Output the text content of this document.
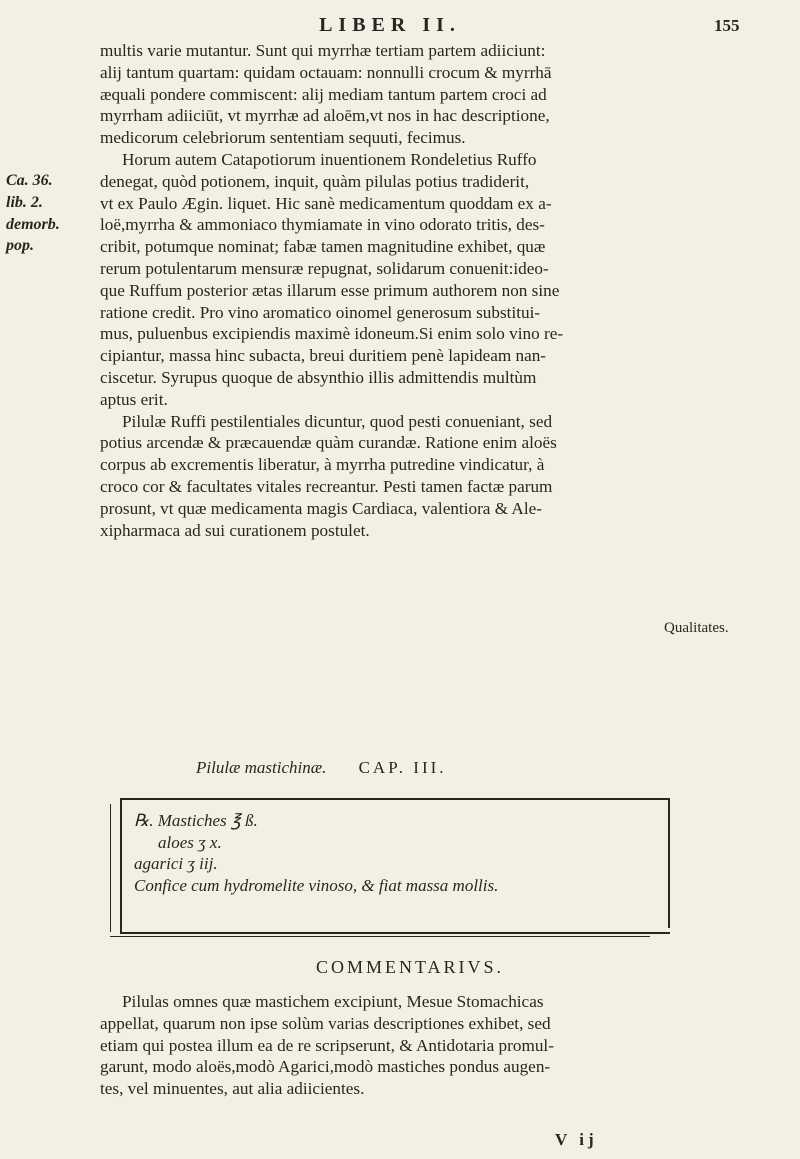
LIBER II.	155
Ca. 36.
lib. 2.
demorb.
pop.
Qualitates.

multis varie mutantur. Sunt qui myrrhæ tertiam partem adiiciunt:

alij tantum quartam: quidam octauam: nonnulli crocum & myrrhā

æquali pondere commiscent: alij mediam tantum partem croci ad

myrrham adiiciūt, vt myrrhæ ad aloēm,vt nos in hac descriptione,

medicorum celebriorum sententiam sequuti, fecimus.

Horum autem Catapotiorum inuentionem Rondeletius Ruffo

denegat, quòd potionem, inquit, quàm pilulas potius tradiderit,

vt ex Paulo Ægin. liquet. Hic sanè medicamentum quoddam ex a-

loë,myrrha & ammoniaco thymiamate in vino odorato tritis, des-

cribit, potumque nominat; fabæ tamen magnitudine exhibet, quæ

rerum potulentarum mensuræ repugnat, solidarum conuenit:ideo-

que Ruffum posterior ætas illarum esse primum authorem non sine

ratione credit. Pro vino aromatico oinomel generosum substitui-

mus, puluenbus excipiendis maximè idoneum.Si enim solo vino re-

cipiantur, massa hinc subacta, breui duritiem penè lapideam nan-

ciscetur. Syrupus quoque de absynthio illis admittendis multùm

aptus erit.

Pilulæ Ruffi pestilentiales dicuntur, quod pesti conueniant, sed

potius arcendæ & præcauendæ quàm curandæ. Ratione enim aloës

corpus ab excrementis liberatur, à myrrha putredine vindicatur, à

croco cor & facultates vitales recreantur. Pesti tamen factæ parum

prosunt, vt quæ medicamenta magis Cardiaca, valentiora & Ale-

xipharmaca ad sui curationem postulet.

Pilulæ mastichinæ. CAP. III.
℞. Mastiches ℥ ß.
aloes ʒ x.
agarici ʒ iij.
Confice cum hydromelite vinoso, & fiat massa mollis.
COMMENTARIVS.

Pilulas omnes quæ mastichem excipiunt, Mesue Stomachicas

appellat, quarum non ipse solùm varias descriptiones exhibet, sed

etiam qui postea illum ea de re scripserunt, & Antidotaria promul-

garunt, modo aloës,modò Agarici,modò mastiches pondus augen-

tes, vel minuentes, aut alia adiicientes.

V ij
